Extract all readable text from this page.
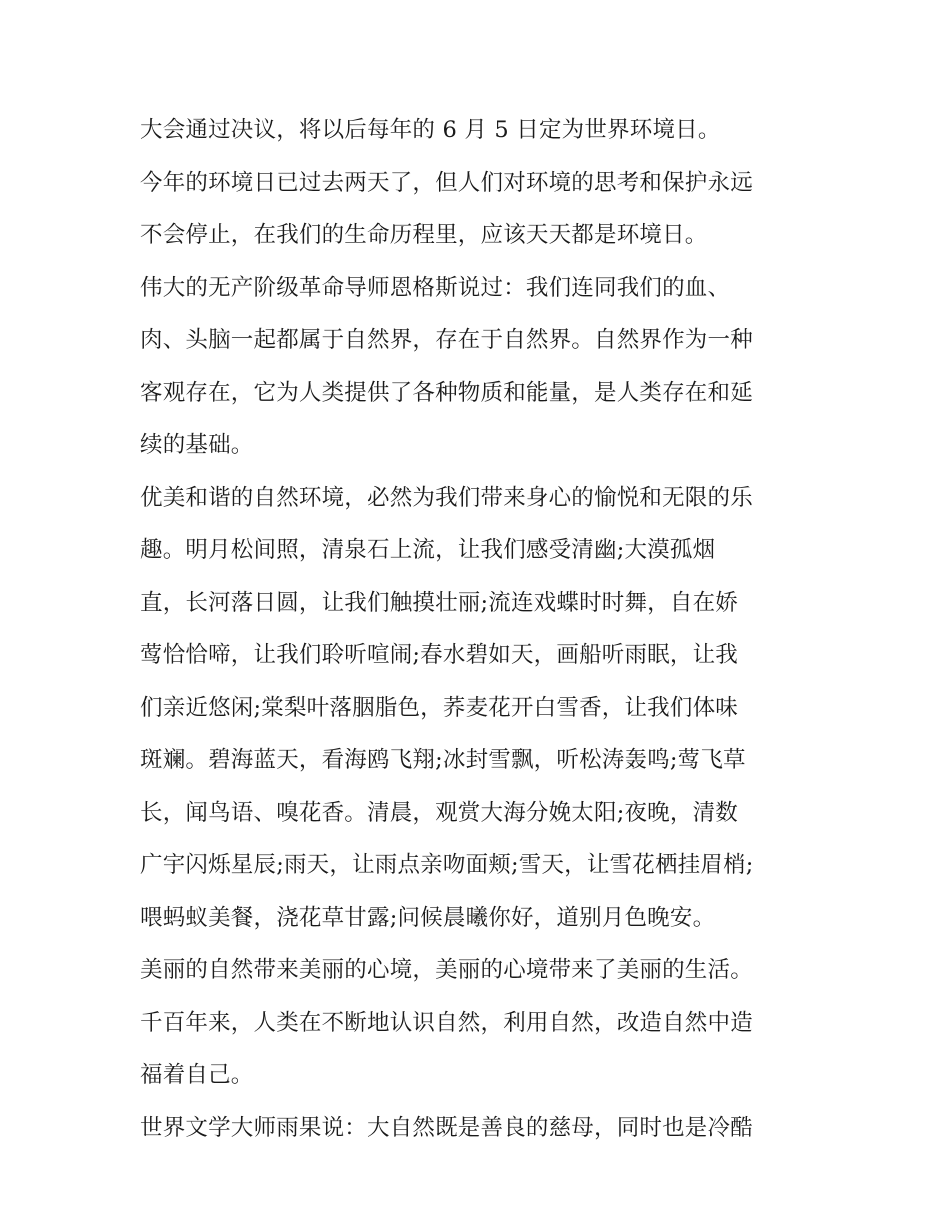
大会通过决议，将以后每年的 6 月 5 日定为世界环境日。
今年的环境日已过去两天了，但人们对环境的思考和保护永远
不会停止，在我们的生命历程里，应该天天都是环境日。
伟大的无产阶级革命导师恩格斯说过：我们连同我们的血、
肉、头脑一起都属于自然界，存在于自然界。自然界作为一种
客观存在，它为人类提供了各种物质和能量，是人类存在和延
续的基础。
优美和谐的自然环境，必然为我们带来身心的愉悦和无限的乐
趣。明月松间照，清泉石上流，让我们感受清幽;大漠孤烟
直，长河落日圆，让我们触摸壮丽;流连戏蝶时时舞，自在娇
莺恰恰啼，让我们聆听喧闹;春水碧如天，画船听雨眠，让我
们亲近悠闲;棠梨叶落胭脂色，荞麦花开白雪香，让我们体味
斑斓。碧海蓝天，看海鸥飞翔;冰封雪飘，听松涛轰鸣;莺飞草
长，闻鸟语、嗅花香。清晨，观赏大海分娩太阳;夜晚，清数
广宇闪烁星辰;雨天，让雨点亲吻面颊;雪天，让雪花栖挂眉梢;
喂蚂蚁美餐，浇花草甘露;问候晨曦你好，道别月色晚安。
美丽的自然带来美丽的心境，美丽的心境带来了美丽的生活。
千百年来，人类在不断地认识自然，利用自然，改造自然中造
福着自己。
世界文学大师雨果说：大自然既是善良的慈母，同时也是冷酷
